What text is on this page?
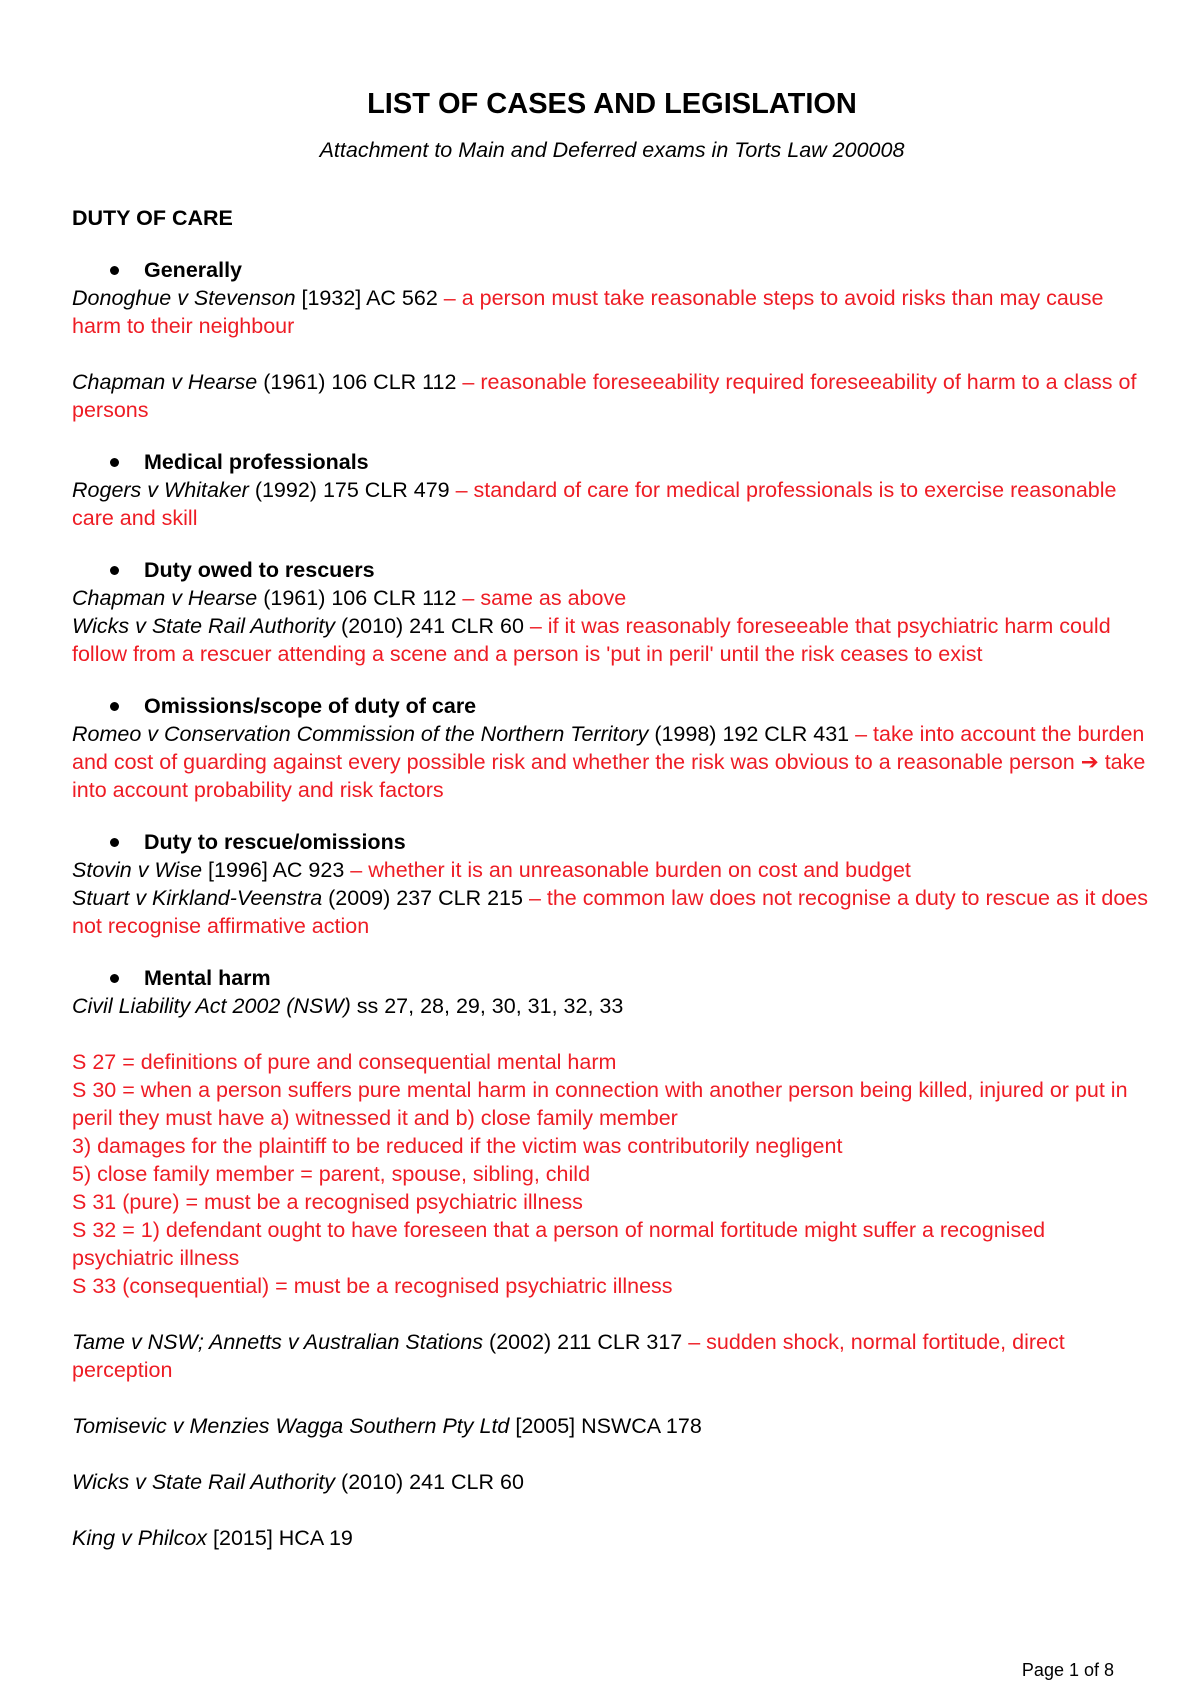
LIST OF CASES AND LEGISLATION
Attachment to Main and Deferred exams in Torts Law 200008
DUTY OF CARE
Generally

Donoghue v Stevenson [1932] AC 562 – a person must take reasonable steps to avoid risks than may cause harm to their neighbour

Chapman v Hearse (1961) 106 CLR 112 – reasonable foreseeability required foreseeability of harm to a class of persons

Medical professionals

Rogers v Whitaker (1992) 175 CLR 479 – standard of care for medical professionals is to exercise reasonable care and skill

Duty owed to rescuers

Chapman v Hearse (1961) 106 CLR 112 – same as above

Wicks v State Rail Authority (2010) 241 CLR 60 – if it was reasonably foreseeable that psychiatric harm could follow from a rescuer attending a scene and a person is 'put in peril' until the risk ceases to exist

Omissions/scope of duty of care

Romeo v Conservation Commission of the Northern Territory (1998) 192 CLR 431 – take into account the burden and cost of guarding against every possible risk and whether the risk was obvious to a reasonable person ➔ take into account probability and risk factors

Duty to rescue/omissions

Stovin v Wise [1996] AC 923 – whether it is an unreasonable burden on cost and budget

Stuart v Kirkland-Veenstra (2009) 237 CLR 215 – the common law does not recognise a duty to rescue as it does not recognise affirmative action

Mental harm

Civil Liability Act 2002 (NSW) ss 27, 28, 29, 30, 31, 32, 33

S 27 = definitions of pure and consequential mental harm

S 30 = when a person suffers pure mental harm in connection with another person being killed, injured or put in peril they must have a) witnessed it and b) close family member

3) damages for the plaintiff to be reduced if the victim was contributorily negligent

5) close family member = parent, spouse, sibling, child

S 31 (pure) = must be a recognised psychiatric illness

S 32 = 1) defendant ought to have foreseen that a person of normal fortitude might suffer a recognised psychiatric illness

S 33 (consequential) = must be a recognised psychiatric illness

Tame v NSW; Annetts v Australian Stations (2002) 211 CLR 317 – sudden shock, normal fortitude, direct perception

Tomisevic v Menzies Wagga Southern Pty Ltd [2005] NSWCA 178

Wicks v State Rail Authority (2010) 241 CLR 60

King v Philcox [2015] HCA 19

Page 1 of 8
